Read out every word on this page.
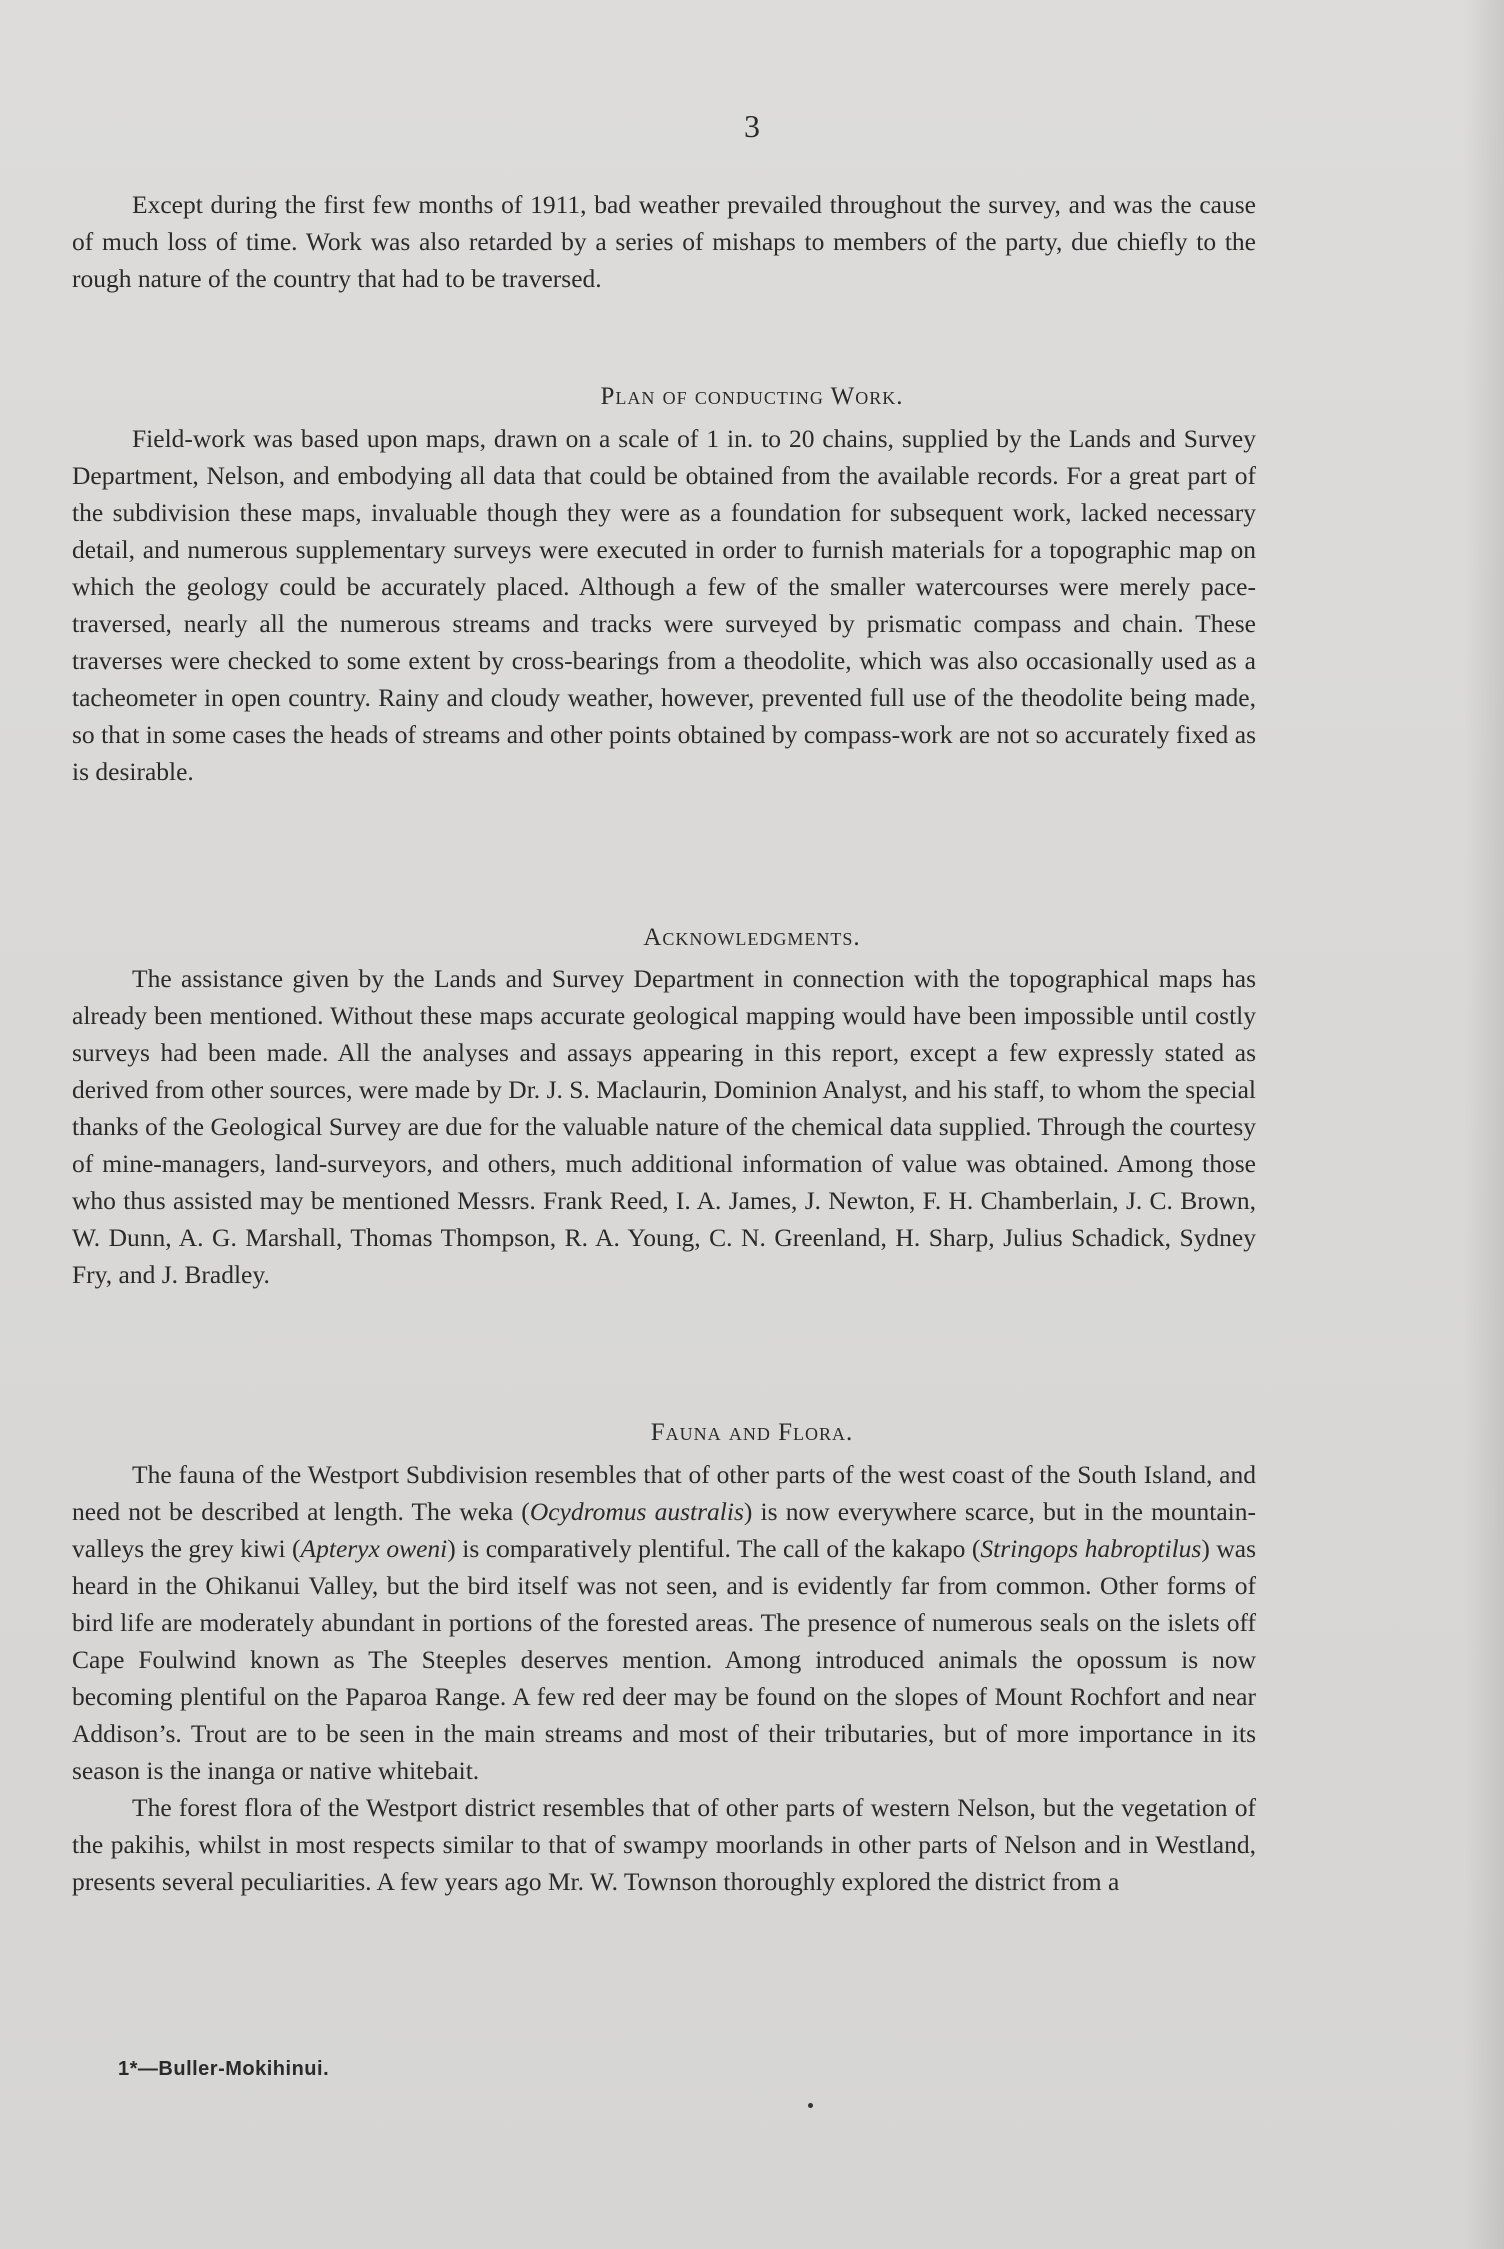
3

Except during the first few months of 1911, bad weather prevailed throughout the survey, and was the cause of much loss of time. Work was also retarded by a series of mishaps to members of the party, due chiefly to the rough nature of the country that had to be traversed.

Plan of conducting Work.

Field-work was based upon maps, drawn on a scale of 1 in. to 20 chains, supplied by the Lands and Survey Department, Nelson, and embodying all data that could be obtained from the available records. For a great part of the subdivision these maps, invaluable though they were as a foundation for subsequent work, lacked necessary detail, and numerous supplementary surveys were executed in order to furnish materials for a topographic map on which the geology could be accurately placed. Although a few of the smaller watercourses were merely pace-traversed, nearly all the numerous streams and tracks were surveyed by prismatic compass and chain. These traverses were checked to some extent by cross-bearings from a theodolite, which was also occasionally used as a tacheometer in open country. Rainy and cloudy weather, however, prevented full use of the theodolite being made, so that in some cases the heads of streams and other points obtained by compass-work are not so accurately fixed as is desirable.

Acknowledgments.

The assistance given by the Lands and Survey Department in connection with the topographical maps has already been mentioned. Without these maps accurate geological mapping would have been impossible until costly surveys had been made. All the analyses and assays appearing in this report, except a few expressly stated as derived from other sources, were made by Dr. J. S. Maclaurin, Dominion Analyst, and his staff, to whom the special thanks of the Geological Survey are due for the valuable nature of the chemical data supplied. Through the courtesy of mine-managers, land-surveyors, and others, much additional information of value was obtained. Among those who thus assisted may be mentioned Messrs. Frank Reed, I. A. James, J. Newton, F. H. Chamberlain, J. C. Brown, W. Dunn, A. G. Marshall, Thomas Thompson, R. A. Young, C. N. Greenland, H. Sharp, Julius Schadick, Sydney Fry, and J. Bradley.

Fauna and Flora.

The fauna of the Westport Subdivision resembles that of other parts of the west coast of the South Island, and need not be described at length. The weka (Ocydromus australis) is now everywhere scarce, but in the mountain-valleys the grey kiwi (Apteryx oweni) is comparatively plentiful. The call of the kakapo (Stringops habroptilus) was heard in the Ohikanui Valley, but the bird itself was not seen, and is evidently far from common. Other forms of bird life are moderately abundant in portions of the forested areas. The presence of numerous seals on the islets off Cape Foulwind known as The Steeples deserves mention. Among introduced animals the opossum is now becoming plentiful on the Paparoa Range. A few red deer may be found on the slopes of Mount Rochfort and near Addison’s. Trout are to be seen in the main streams and most of their tributaries, but of more importance in its season is the inanga or native whitebait.

The forest flora of the Westport district resembles that of other parts of western Nelson, but the vegetation of the pakihis, whilst in most respects similar to that of swampy moorlands in other parts of Nelson and in Westland, presents several peculiarities. A few years ago Mr. W. Townson thoroughly explored the district from a

1*—Buller-Mokihinui.
